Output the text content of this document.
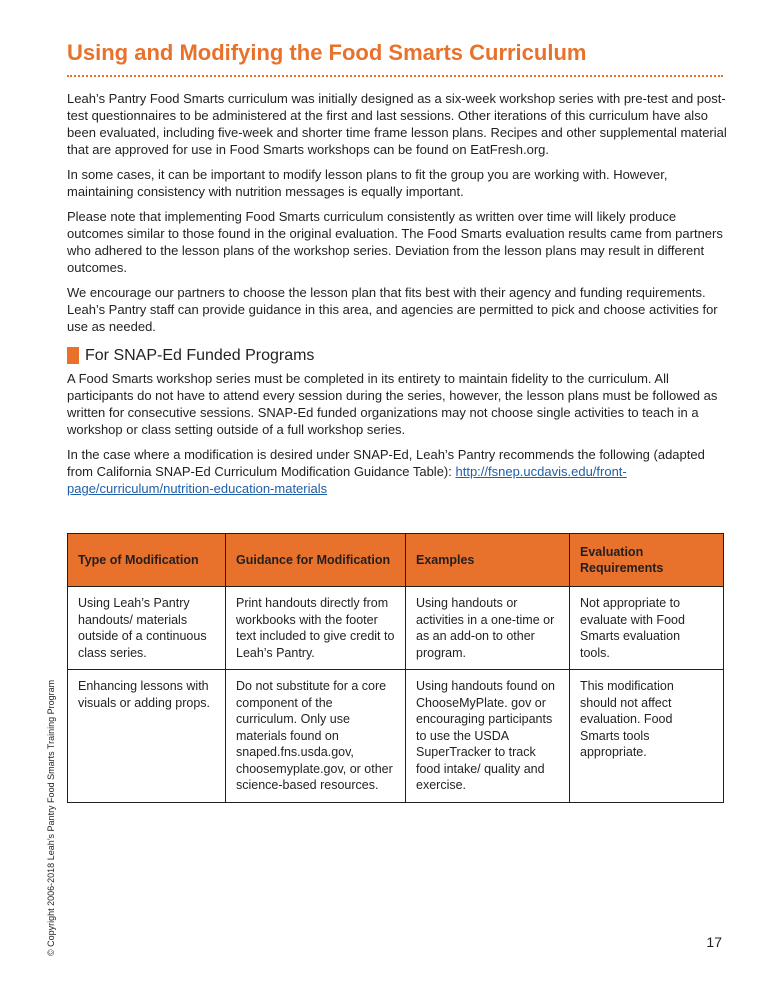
Using and Modifying the Food Smarts Curriculum

Leah’s Pantry Food Smarts curriculum was initially designed as a six-week workshop series with pre-test and post-test questionnaires to be administered at the first and last sessions. Other iterations of this curriculum have also been evaluated, including five-week and shorter time frame lesson plans. Recipes and other supplemental material that are approved for use in Food Smarts workshops can be found on EatFresh.org.

In some cases, it can be important to modify lesson plans to fit the group you are working with. However, maintaining consistency with nutrition messages is equally important.

Please note that implementing Food Smarts curriculum consistently as written over time will likely produce outcomes similar to those found in the original evaluation. The Food Smarts evaluation results came from partners who adhered to the lesson plans of the workshop series. Deviation from the lesson plans may result in different outcomes.

We encourage our partners to choose the lesson plan that fits best with their agency and funding requirements. Leah’s Pantry staff can provide guidance in this area, and agencies are permitted to pick and choose activities for use as needed.

For SNAP-Ed Funded Programs

A Food Smarts workshop series must be completed in its entirety to maintain fidelity to the curriculum. All participants do not have to attend every session during the series, however, the lesson plans must be followed as written for consecutive sessions. SNAP-Ed funded organizations may not choose single activities to teach in a workshop or class setting outside of a full workshop series.

In the case where a modification is desired under SNAP-Ed, Leah’s Pantry recommends the following (adapted from California SNAP-Ed Curriculum Modification Guidance Table): http://fsnep.ucdavis.edu/front-page/curriculum/nutrition-education-materials

Type of Modification	Guidance for Modification	Examples	Evaluation Requirements
Using Leah’s Pantry handouts/ materials outside of a continuous class series.	Print handouts directly from workbooks with the footer text included to give credit to Leah’s Pantry.	Using handouts or activities in a one-time or as an add-on to other program.	Not appropriate to evaluate with Food Smarts evaluation tools.
Enhancing lessons with visuals or adding props.	Do not substitute for a core component of the curriculum. Only use materials found on snaped.fns.usda.gov, choosemyplate.gov, or other science-based resources.	Using handouts found on ChooseMyPlate. gov or encouraging participants to use the USDA SuperTracker to track food intake/ quality and exercise.	This modification should not affect evaluation. Food Smarts tools appropriate.
© Copyright 2006-2018 Leah’s Pantry Food Smarts Training Program	17
